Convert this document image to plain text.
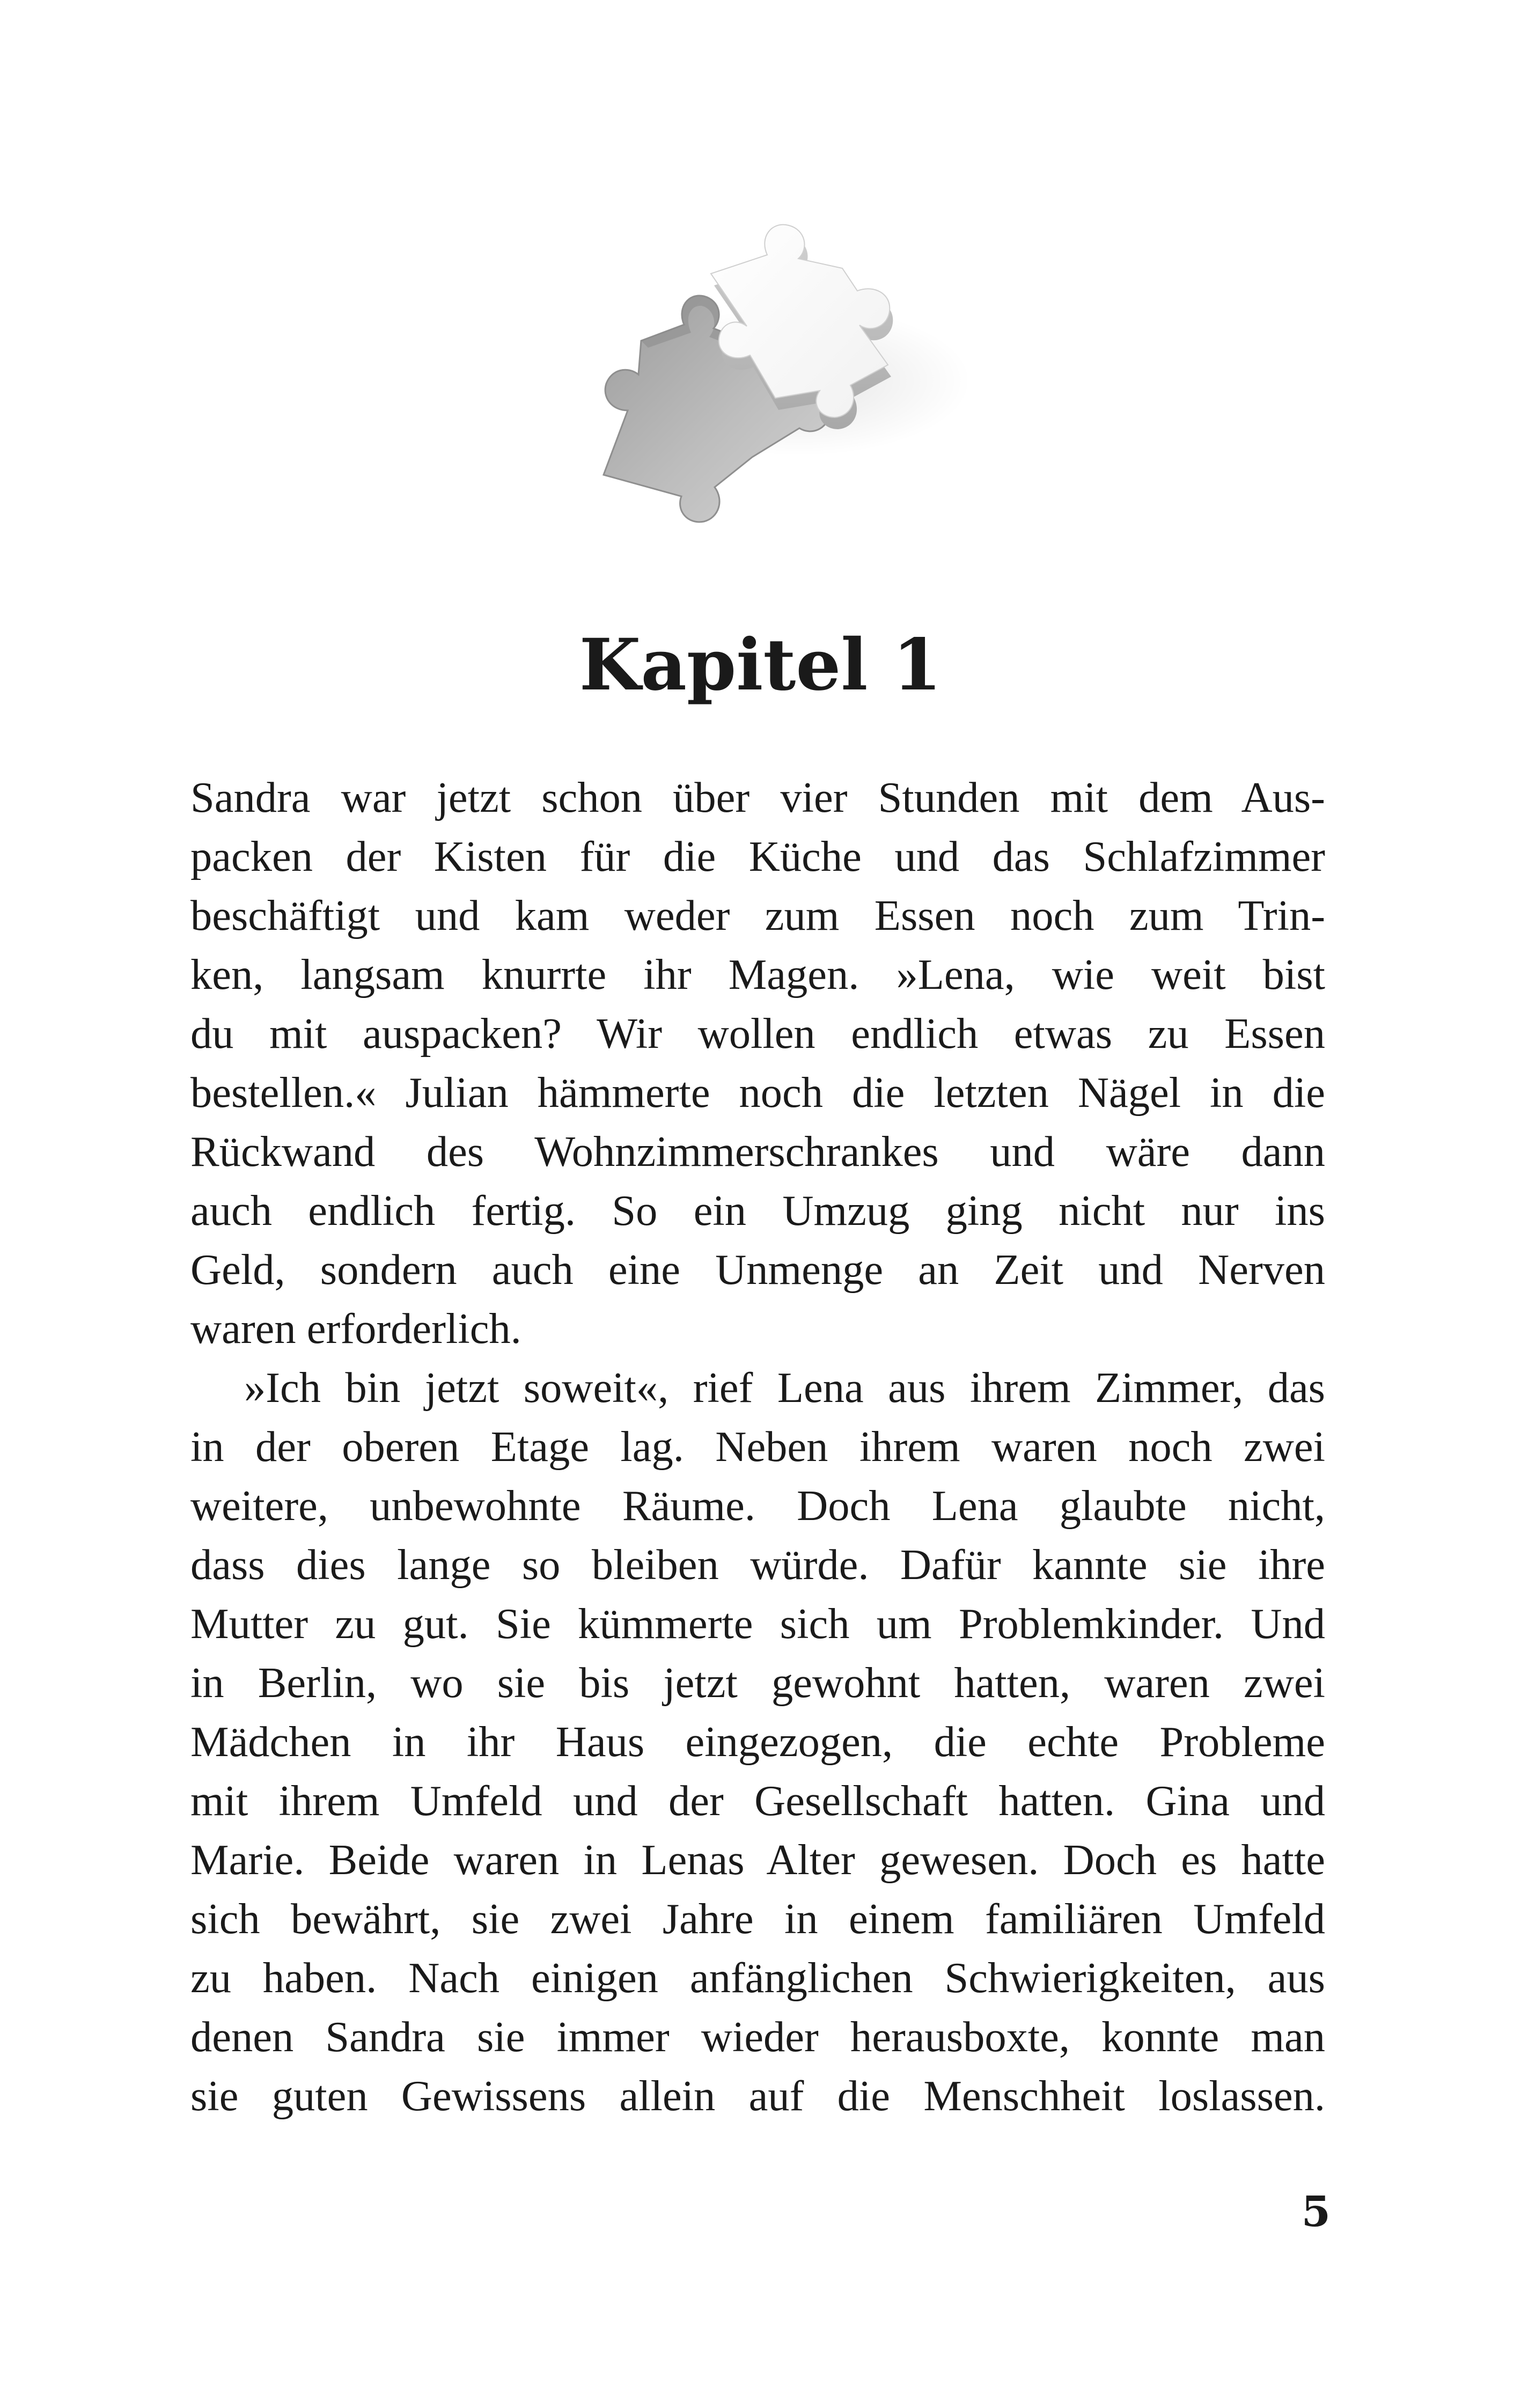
Kapitel 1

Sandra war jetzt schon über vier Stunden mit dem Aus-
packen der Kisten für die Küche und das Schlafzimmer
beschäftigt und kam weder zum Essen noch zum Trin-
ken, langsam knurrte ihr Magen. »Lena, wie weit bist
du mit auspacken? Wir wollen endlich etwas zu Essen
bestellen.« Julian hämmerte noch die letzten Nägel in die
Rückwand des Wohnzimmerschrankes und wäre dann
auch endlich fertig. So ein Umzug ging nicht nur ins
Geld, sondern auch eine Unmenge an Zeit und Nerven
waren erforderlich.

»Ich bin jetzt soweit«, rief Lena aus ihrem Zimmer, das
in der oberen Etage lag. Neben ihrem waren noch zwei
weitere, unbewohnte Räume. Doch Lena glaubte nicht,
dass dies lange so bleiben würde. Dafür kannte sie ihre
Mutter zu gut. Sie kümmerte sich um Problemkinder. Und
in Berlin, wo sie bis jetzt gewohnt hatten, waren zwei
Mädchen in ihr Haus eingezogen, die echte Probleme
mit ihrem Umfeld und der Gesellschaft hatten. Gina und
Marie. Beide waren in Lenas Alter gewesen. Doch es hatte
sich bewährt, sie zwei Jahre in einem familiären Umfeld
zu haben. Nach einigen anfänglichen Schwierigkeiten, aus
denen Sandra sie immer wieder herausboxte, konnte man
sie guten Gewissens allein auf die Menschheit loslassen.

5
